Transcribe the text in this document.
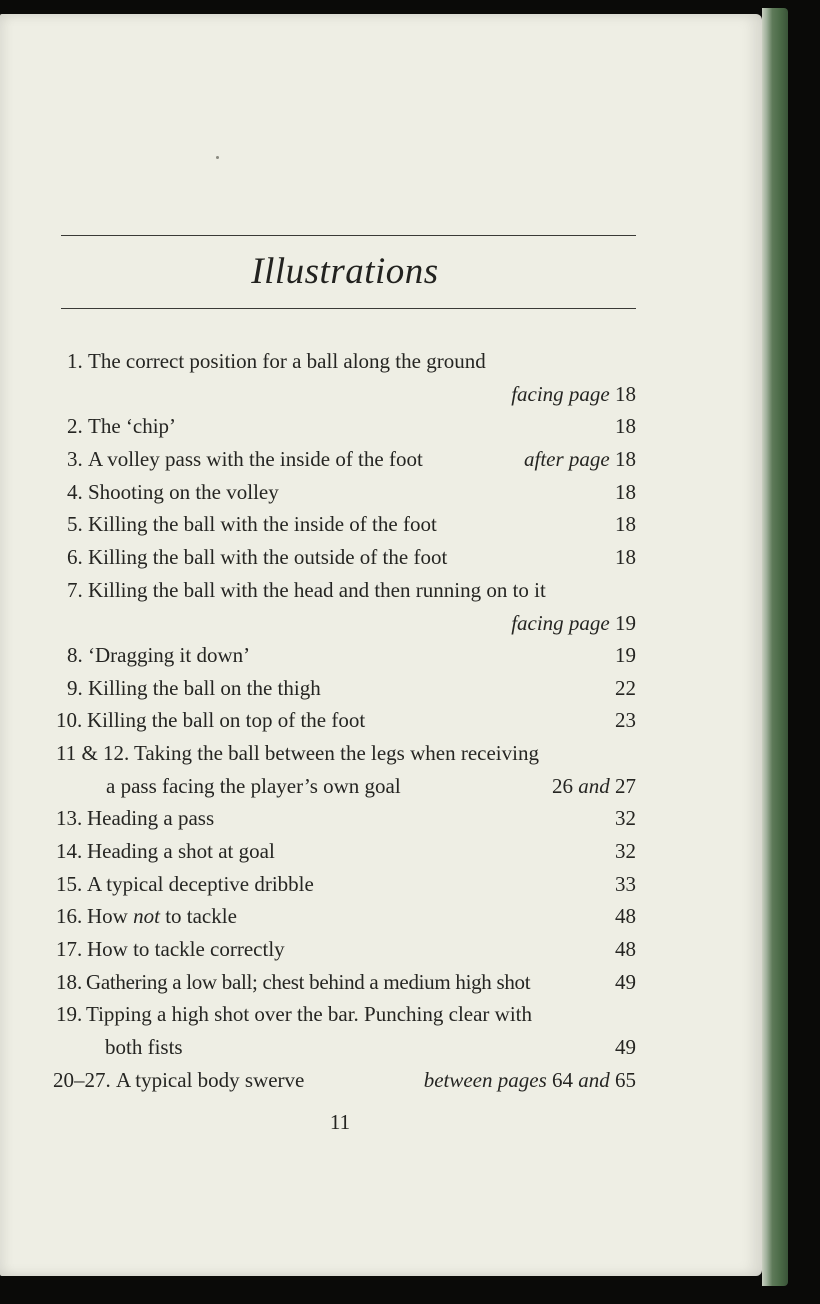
Illustrations
1. The correct position for a ball along the ground
facing page 18
2. The ‘chip’	18
3. A volley pass with the inside of the foot	after page 18
4. Shooting on the volley	18
5. Killing the ball with the inside of the foot	18
6. Killing the ball with the outside of the foot	18
7. Killing the ball with the head and then running on to it
facing page 19
8. ‘Dragging it down’	19
9. Killing the ball on the thigh	22
10. Killing the ball on top of the foot	23
11 & 12. Taking the ball between the legs when receiving
a pass facing the player’s own goal	26 and 27
13. Heading a pass	32
14. Heading a shot at goal	32
15. A typical deceptive dribble	33
16. How not to tackle	48
17. How to tackle correctly	48
18. Gathering a low ball; chest behind a medium high shot	49
19. Tipping a high shot over the bar. Punching clear with
both fists	49
20–27. A typical body swerve	between pages 64 and 65
11
